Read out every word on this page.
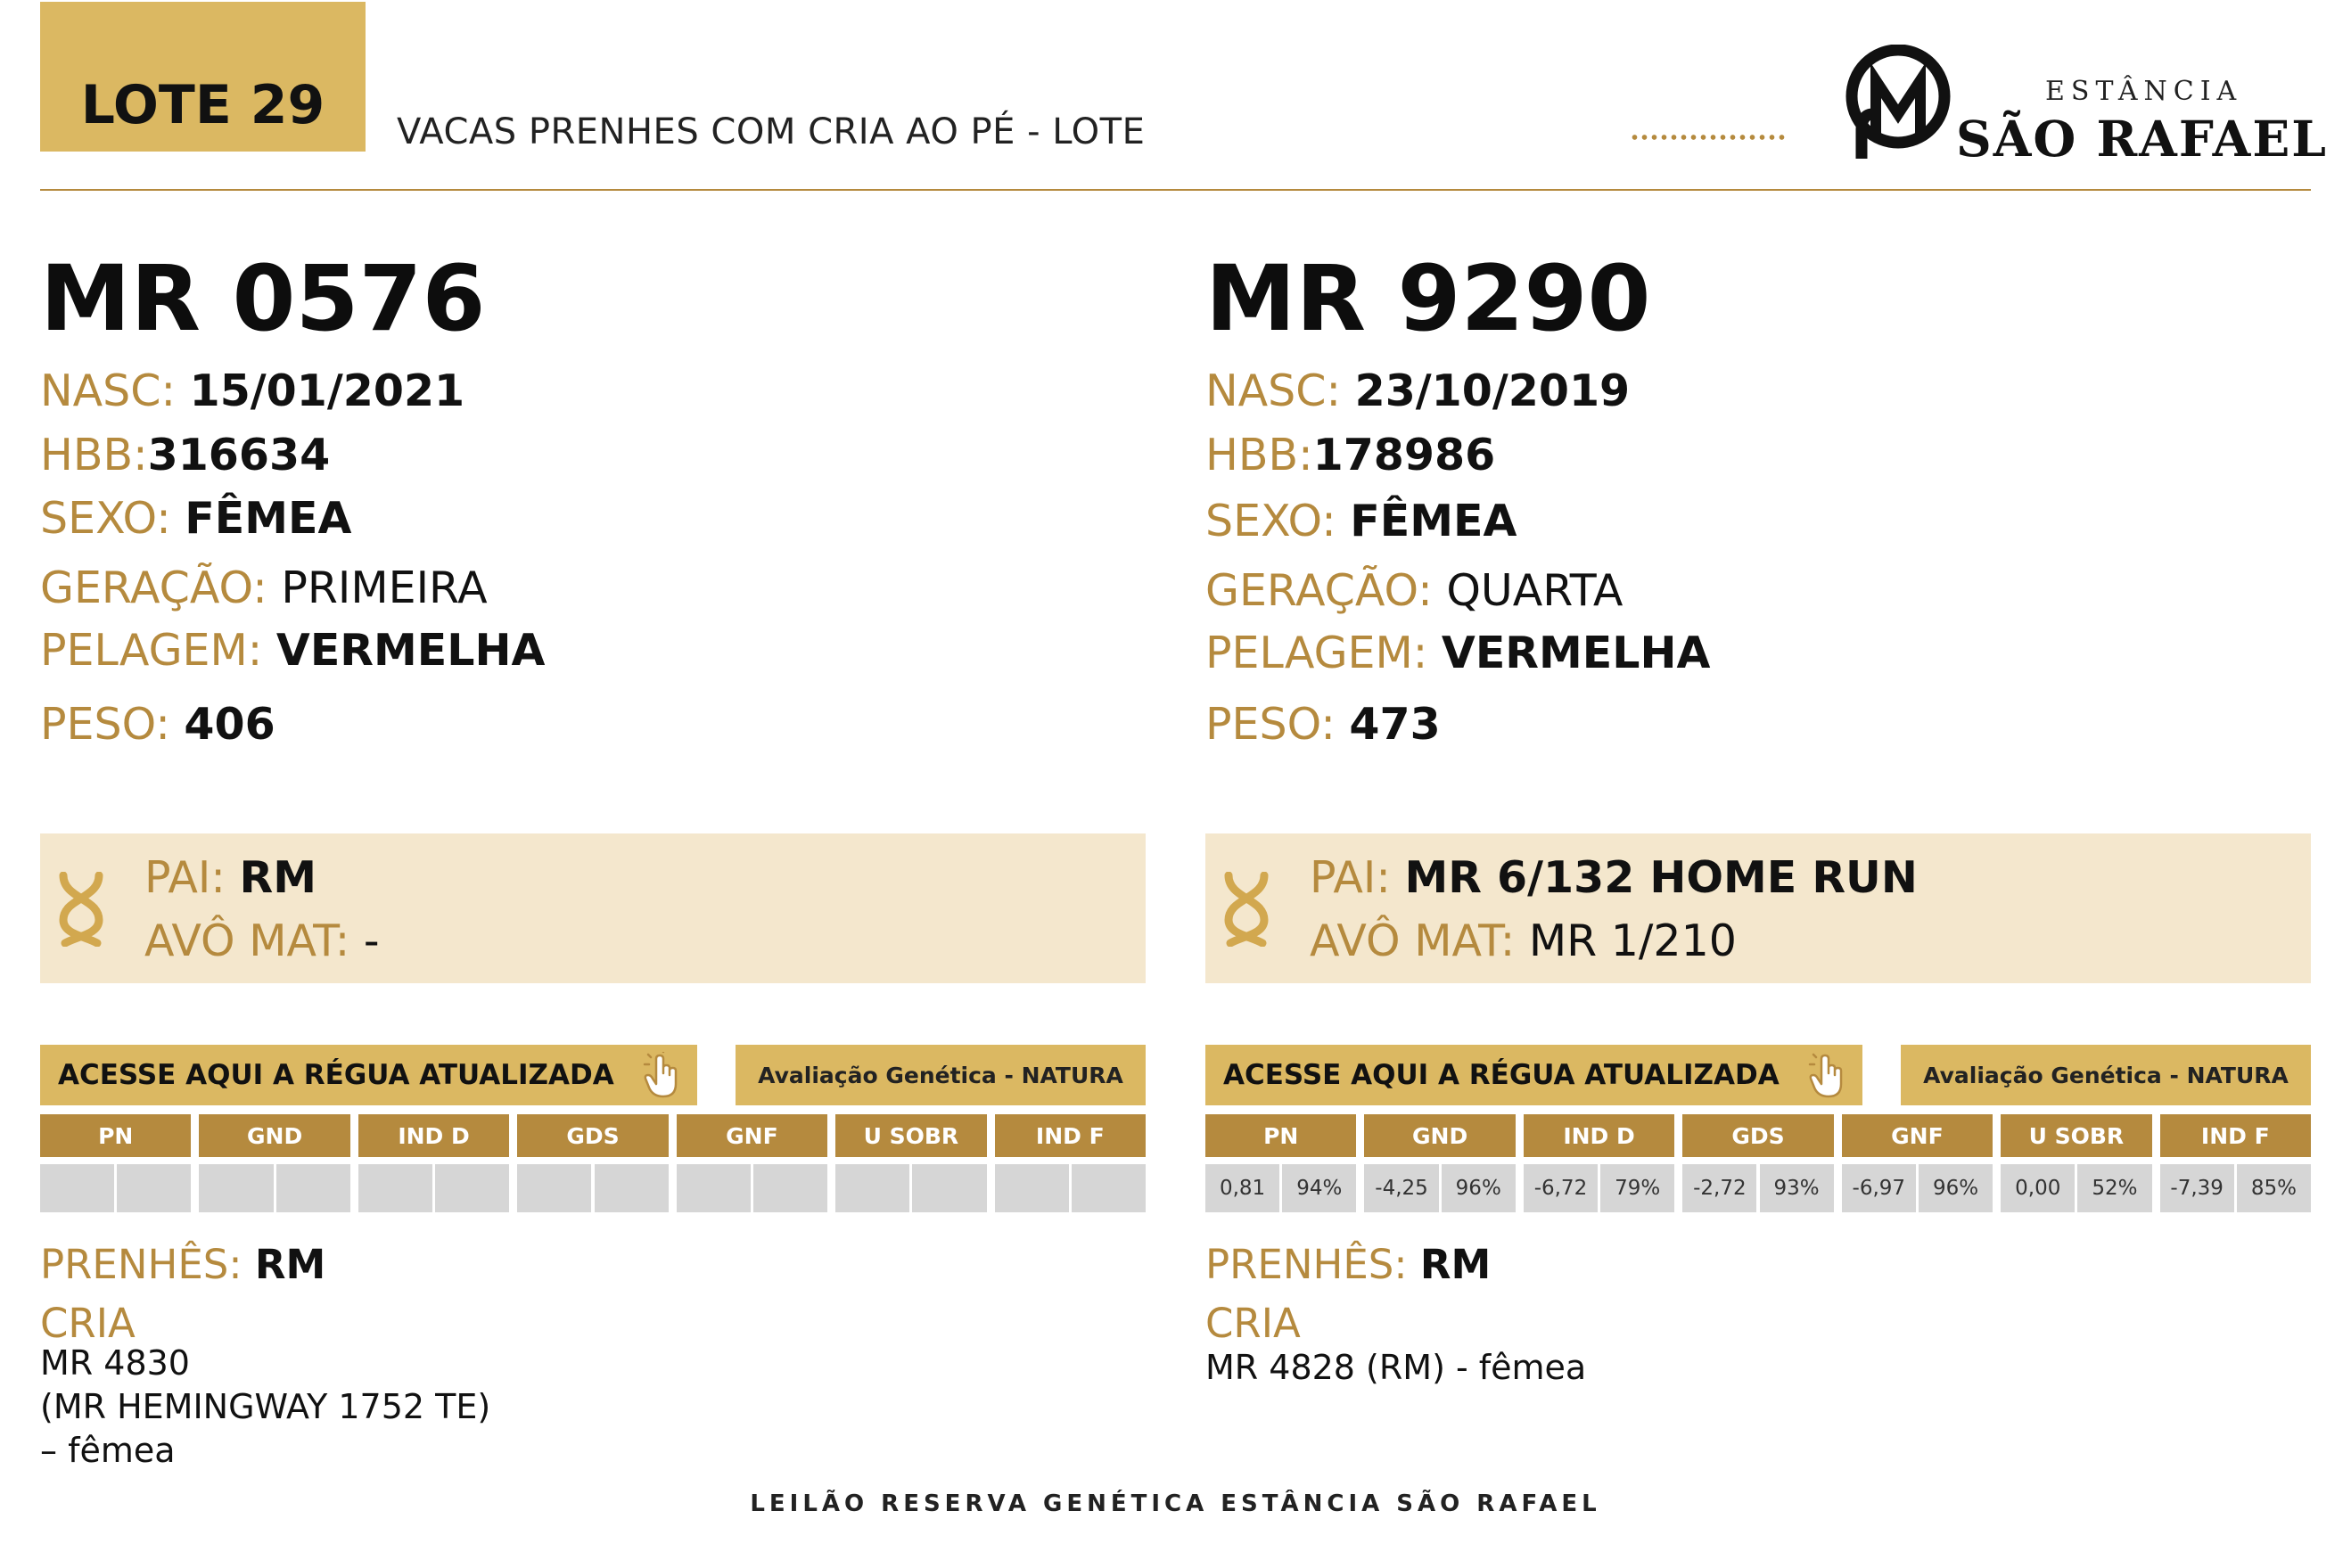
LOTE 29	VACAS PRENHES COM CRIA AO PÉ - LOTE
ESTÂNCIA
SÃO RAFAEL
MR 0576
NASC: 15/01/2021
HBB:316634
SEXO: FÊMEA
GERAÇÃO: PRIMEIRA
PELAGEM: VERMELHA
PESO: 406
MR 9290
NASC: 23/10/2019
HBB:178986
SEXO: FÊMEA
GERAÇÃO: QUARTA
PELAGEM: VERMELHA
PESO: 473
PAI: RM
AVÔ MAT: -
PAI: MR 6/132 HOME RUN
AVÔ MAT: MR 1/210
ACESSE AQUI A RÉGUA ATUALIZADA	Avaliação Genética - NATURA	ACESSE AQUI A RÉGUA ATUALIZADA	Avaliação Genética - NATURA
PN	GND	IND D	GDS	GNF	U SOBR	IND F	PN	GND	IND D	GDS	GNF	U SOBR	IND F
0,81	94%	-4,25	96%	-6,72	79%	-2,72	93%	-6,97	96%	0,00	52%	-7,39	85%
PRENHÊS: RM
CRIA
MR 4830
(MR HEMINGWAY 1752 TE)
– fêmea
PRENHÊS: RM
CRIA
MR 4828 (RM) - fêmea
LEILÃO RESERVA GENÉTICA ESTÂNCIA SÃO RAFAEL
